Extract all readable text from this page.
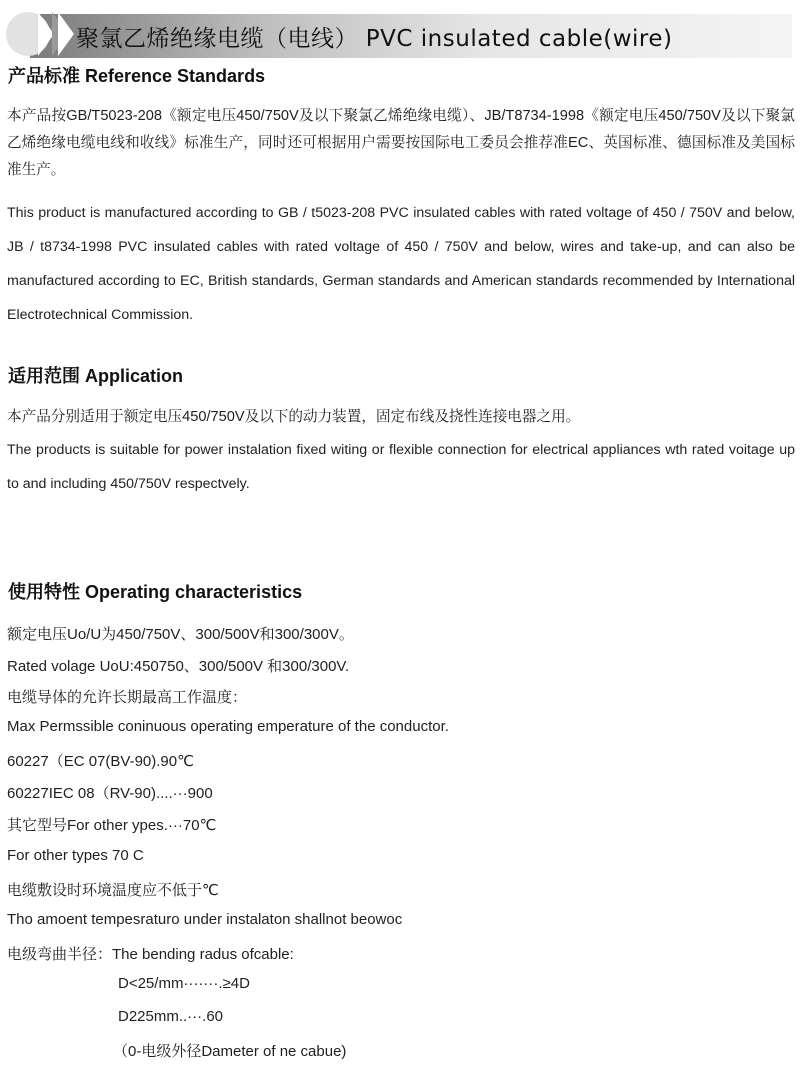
聚氯乙烯绝缘电缆（电线） PVC insulated cable(wire)
产品标准 Reference Standards
本产品按GB/T5023-208《额定电压450/750V及以下聚氯乙烯绝缘电缆）、JB/T8734-1998《额定电压450/750V及以下聚氯乙烯绝缘电缆电线和收线》标准生产，同时还可根据用户需要按国际电工委员会推荐准EC、英国标准、德国标准及美国标准生产。
This product is manufactured according to GB / t5023-208 PVC insulated cables with rated voltage of 450 / 750V and below, JB / t8734-1998 PVC insulated cables with rated voltage of 450 / 750V and below, wires and take-up, and can also be manufactured according to EC, British standards, German standards and American standards recommended by International Electrotechnical Commission.
适用范围 Application
本产品分别适用于额定电压450/750V及以下的动力装置，固定布线及挠性连接电器之用。
The products is suitable for power instalation fixed witing or flexible connection for electrical appliances wth rated voitage up to and including 450/750V respectvely.
使用特性 Operating characteristics
额定电压Uo/U为450/750V、300/500V和300/300V。
Rated volage UoU:450750、300/500V 和300/300V.
电缆导体的允许长期最高工作温度：
Max Permssible coninuous operating emperature of the conductor.
60227（EC 07(BV-90).90℃
60227IEC 08（RV-90)....···900
其它型号For other ypes.···70℃
For other types 70 C
电缆敷设时环境温度应不低于℃
Tho amoent tempesraturo under instalaton shallnot beowoc
电级弯曲半径：The bending radus ofcable:
D<25/mm·······.≥4D
D225mm..···.60
（0-电级外径Dameter of ne cabue)
